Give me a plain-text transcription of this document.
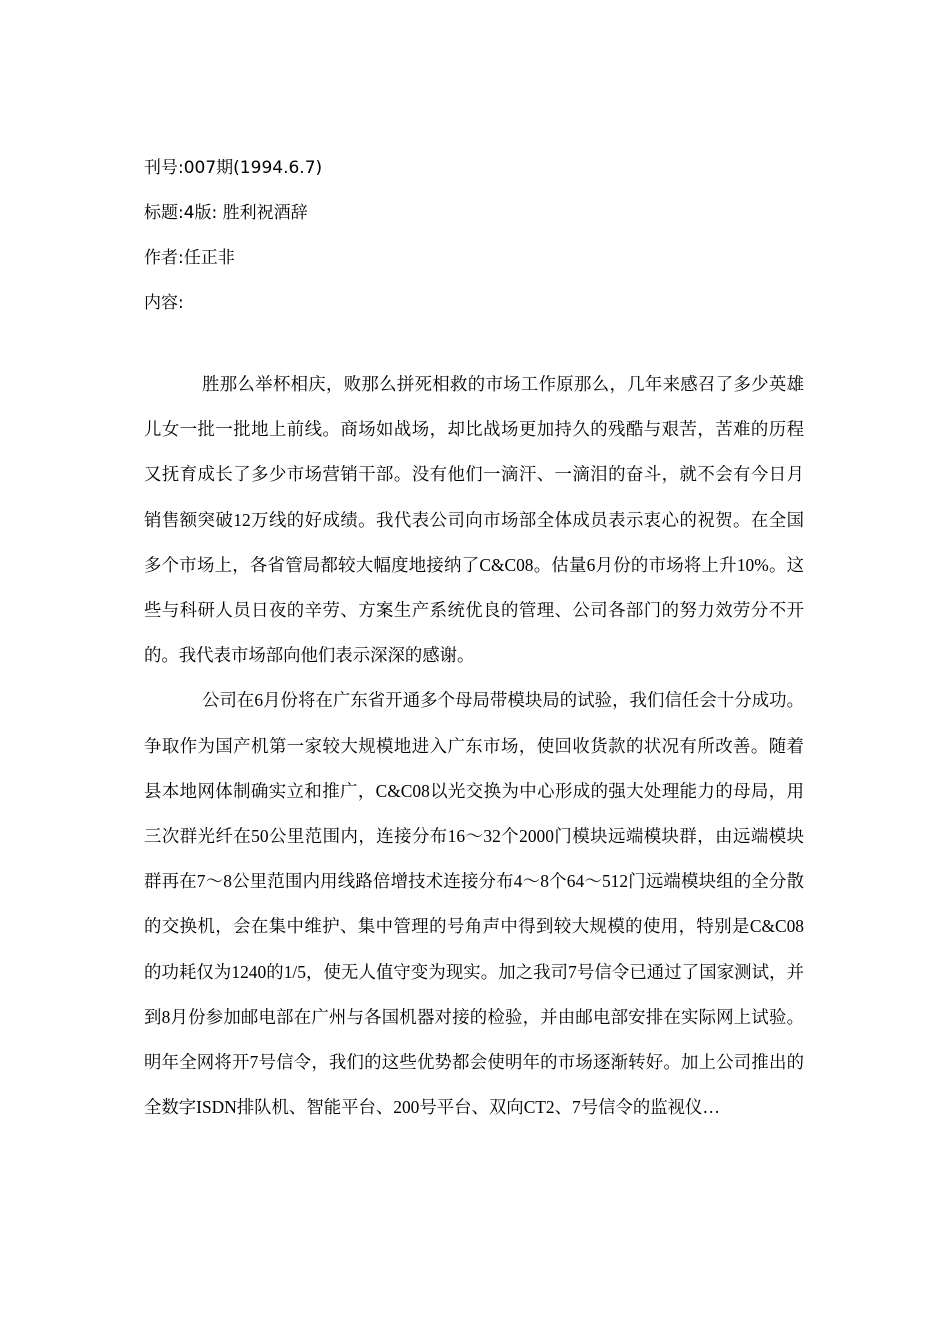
刊号:007期(1994.6.7)
标题:4版: 胜利祝酒辞
作者:任正非
内容:

胜那么举杯相庆，败那么拼死相救的市场工作原那么，几年来感召了多少英雄儿女一批一批地上前线。商场如战场，却比战场更加持久的残酷与艰苦，苦难的历程又抚育成长了多少市场营销干部。没有他们一滴汗、一滴泪的奋斗，就不会有今日月销售额突破12万线的好成绩。我代表公司向市场部全体成员表示衷心的祝贺。在全国多个市场上，各省管局都较大幅度地接纳了C&C08。估量6月份的市场将上升10%。这些与科研人员日夜的辛劳、方案生产系统优良的管理、公司各部门的努力效劳分不开的。我代表市场部向他们表示深深的感谢。

公司在6月份将在广东省开通多个母局带模块局的试验，我们信任会十分成功。争取作为国产机第一家较大规模地进入广东市场，使回收货款的状况有所改善。随着县本地网体制确实立和推广，C&C08以光交换为中心形成的强大处理能力的母局，用三次群光纤在50公里范围内，连接分布16～32个2000门模块远端模块群，由远端模块群再在7～8公里范围内用线路倍增技术连接分布4～8个64～512门远端模块组的全分散的交换机，会在集中维护、集中管理的号角声中得到较大规模的使用，特别是C&C08的功耗仅为1240的1/5，使无人值守变为现实。加之我司7号信令已通过了国家测试，并到8月份参加邮电部在广州与各国机器对接的检验，并由邮电部安排在实际网上试验。明年全网将开7号信令，我们的这些优势都会使明年的市场逐渐转好。加上公司推出的全数字ISDN排队机、智能平台、200号平台、双向CT2、7号信令的监视仪…
